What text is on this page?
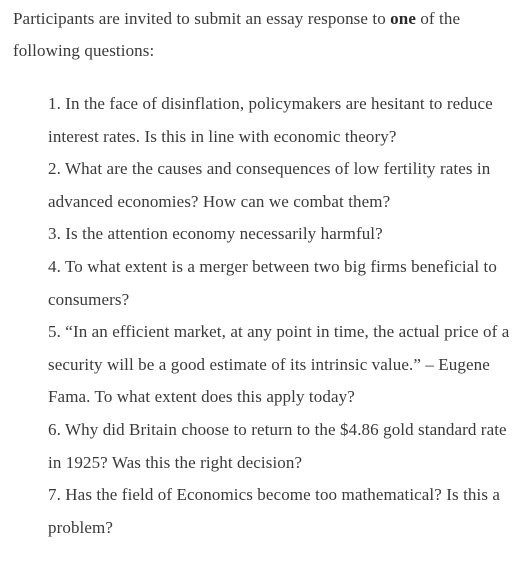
Participants are invited to submit an essay response to one of the following questions:

1. In the face of disinflation, policymakers are hesitant to reduce interest rates. Is this in line with economic theory?
2. What are the causes and consequences of low fertility rates in advanced economies? How can we combat them?
3. Is the attention economy necessarily harmful?
4. To what extent is a merger between two big firms beneficial to consumers?
5. “In an efficient market, at any point in time, the actual price of a security will be a good estimate of its intrinsic value.” – Eugene Fama. To what extent does this apply today?
6. Why did Britain choose to return to the $4.86 gold standard rate in 1925? Was this the right decision?
7. Has the field of Economics become too mathematical? Is this a problem?
